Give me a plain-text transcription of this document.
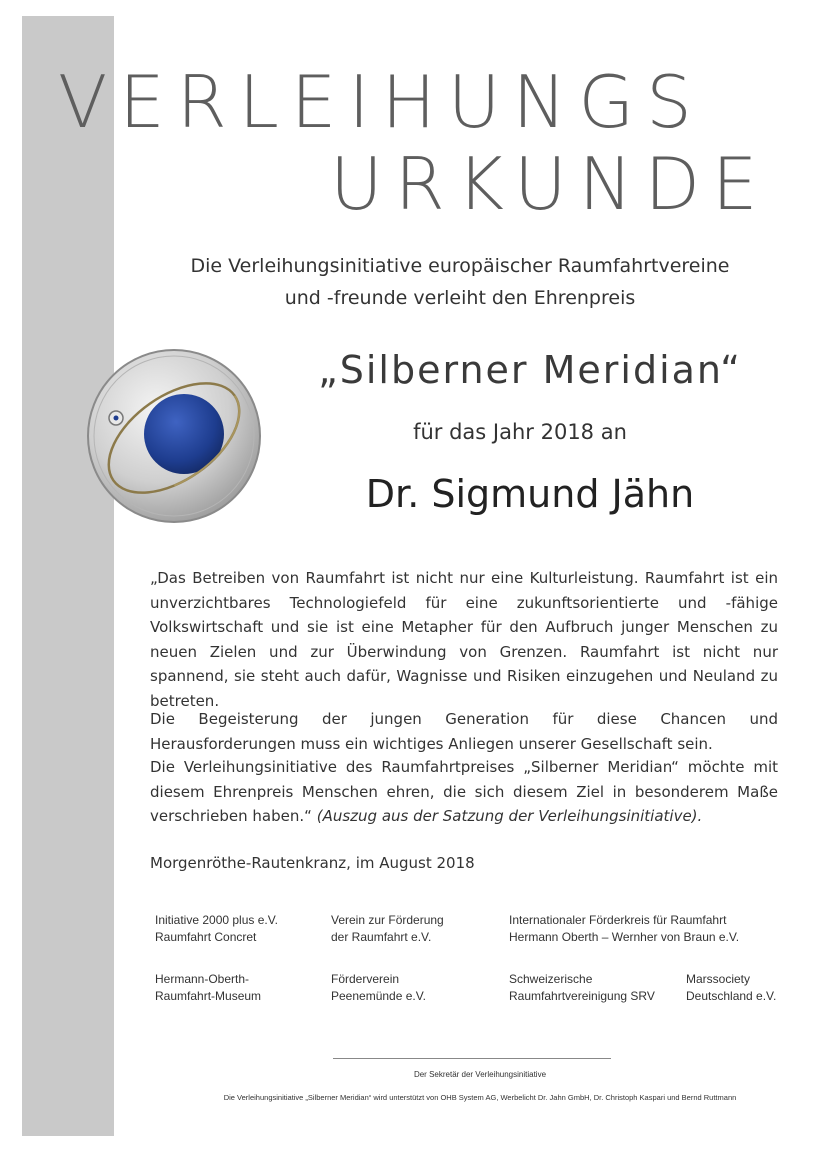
VERLEIHUNGS
URKUNDE
Die Verleihungsinitiative europäischer Raumfahrtvereine
und -freunde verleiht den Ehrenpreis
„Silberner Meridian“
für das Jahr 2018 an
Dr. Sigmund Jähn
„Das Betreiben von Raumfahrt ist nicht nur eine Kulturleistung. Raumfahrt ist ein unverzichtbares Technologiefeld für eine zukunftsorientierte und -fähige Volkswirtschaft und sie ist eine Metapher für den Aufbruch junger Menschen zu neuen Zielen und zur Überwindung von Grenzen. Raumfahrt ist nicht nur spannend, sie steht auch dafür, Wagnisse und Risiken einzugehen und Neuland zu betreten.
Die Begeisterung der jungen Generation für diese Chancen und Herausforderungen muss ein wichtiges Anliegen unserer Gesellschaft sein.
Die Verleihungsinitiative des Raumfahrtpreises „Silberner Meridian“ möchte mit diesem Ehrenpreis Menschen ehren, die sich diesem Ziel in besonderem Maße verschrieben haben.“ (Auszug aus der Satzung der Verleihungsinitiative).
Morgenröthe-Rautenkranz, im August 2018
Initiative 2000 plus e.V.
Raumfahrt Concret
Verein zur Förderung
der Raumfahrt e.V.
Internationaler Förderkreis für Raumfahrt
Hermann Oberth – Wernher von Braun e.V.
Hermann-Oberth-
Raumfahrt-Museum
Förderverein
Peenemünde e.V.
Schweizerische
Raumfahrtvereinigung SRV
Marssociety
Deutschland e.V.
Der Sekretär der Verleihungsinitiative
Die Verleihungsinitiative „Silberner Meridian“ wird unterstützt von OHB System AG, Werbelicht Dr. Jahn GmbH, Dr. Christoph Kaspari und Bernd Ruttmann
